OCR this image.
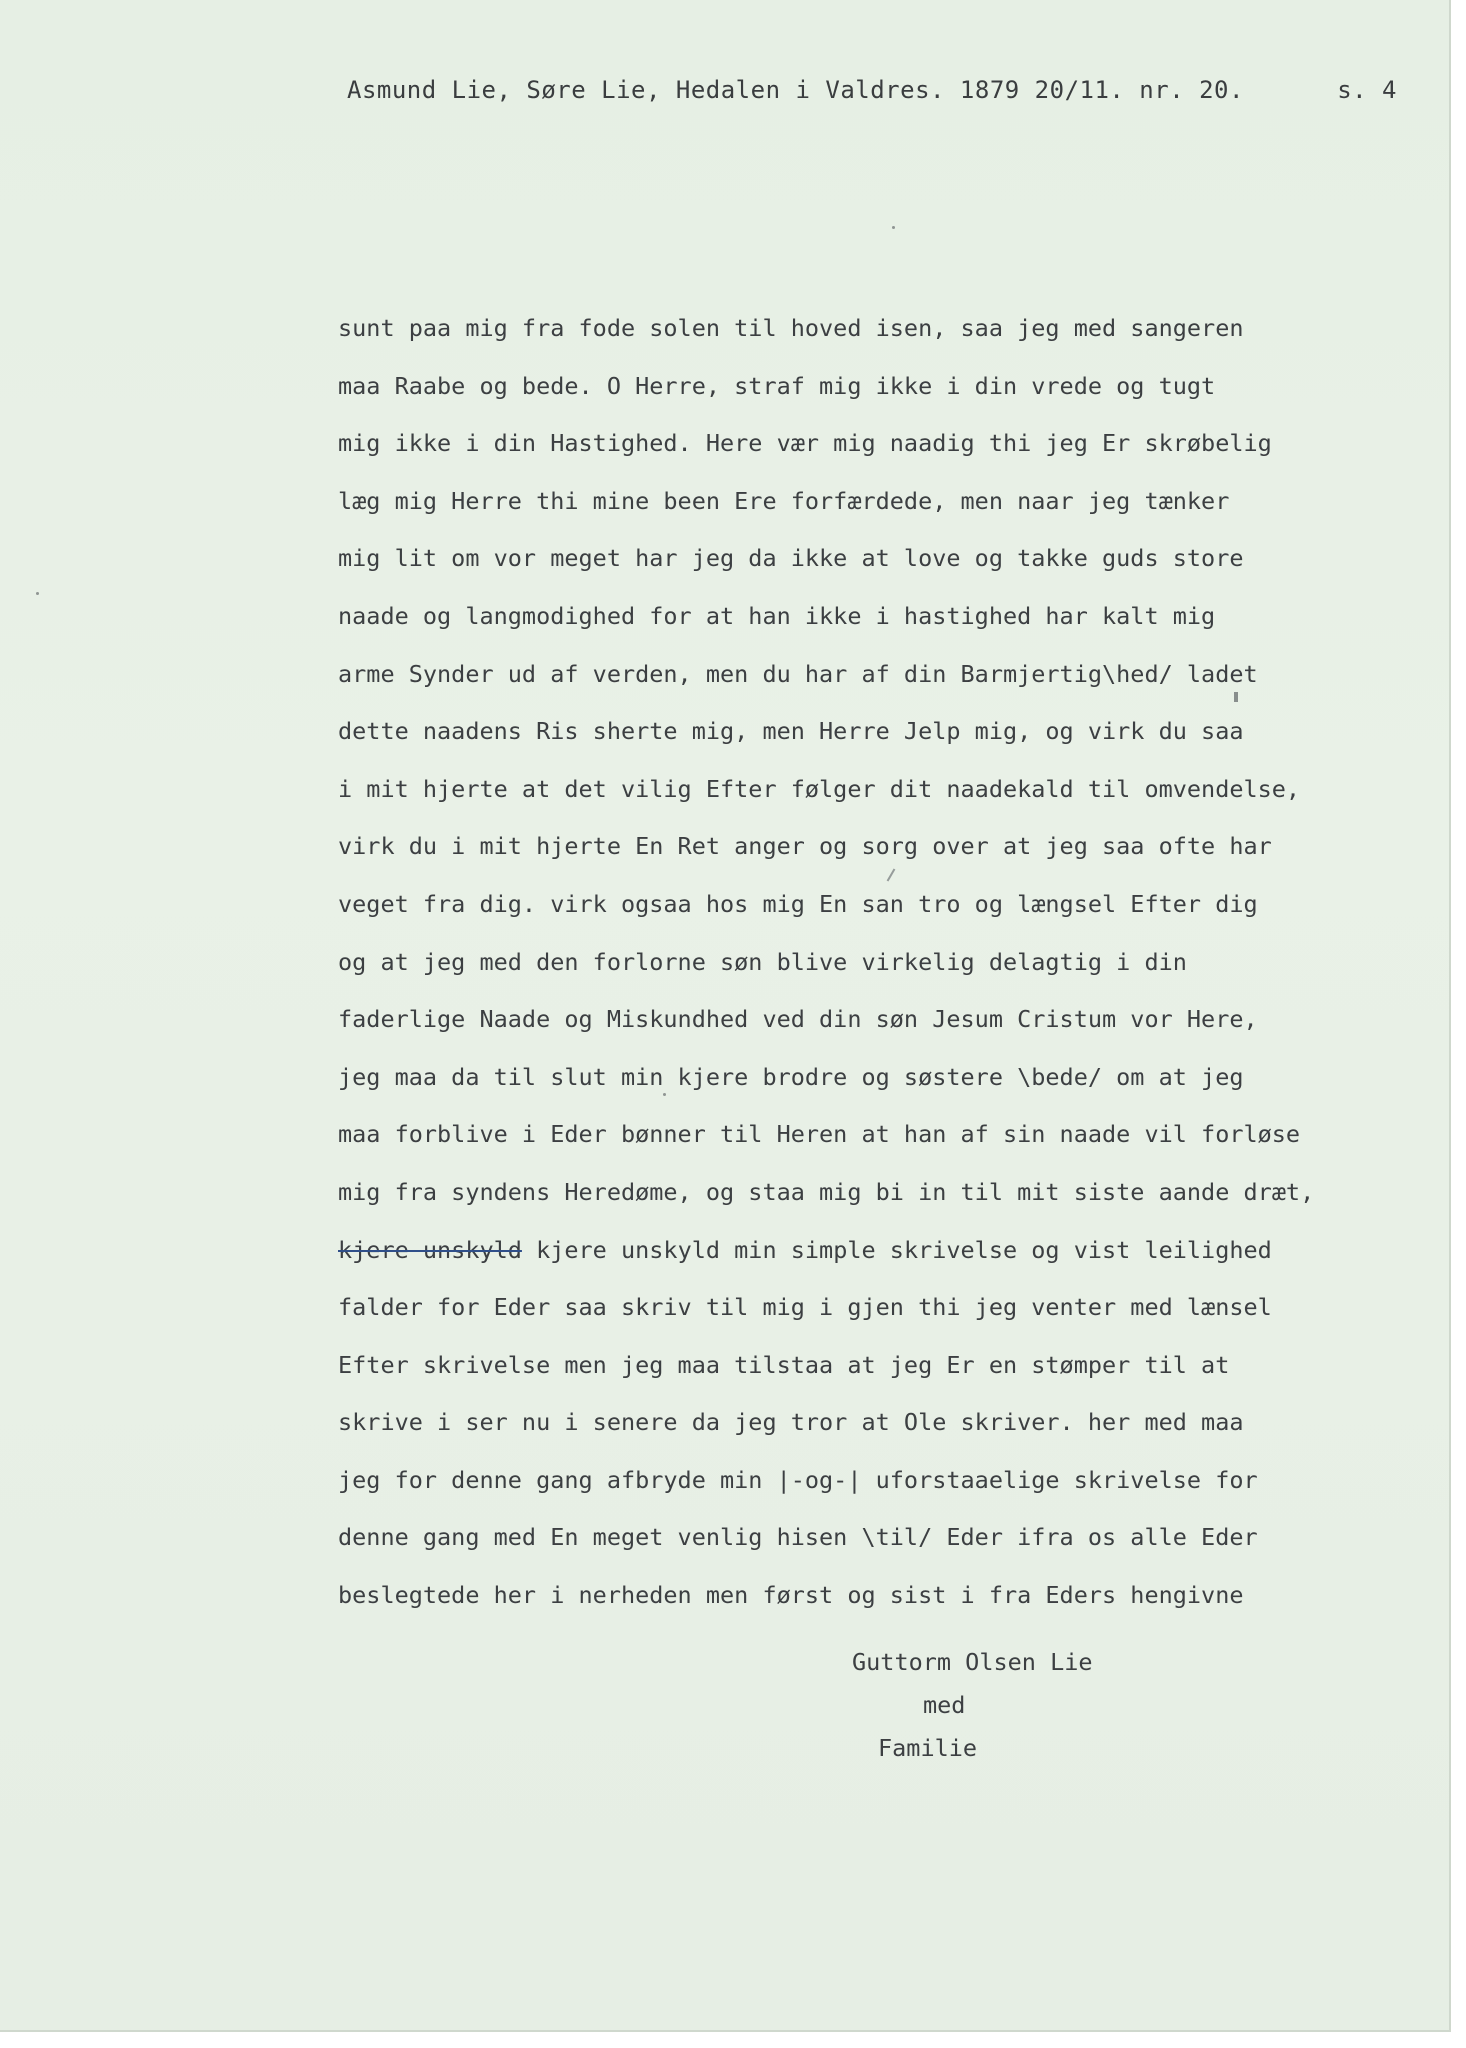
Asmund Lie, Søre Lie, Hedalen i Valdres. 1879 20/11. nr. 20.	s. 4
sunt paa mig fra fode solen til hoved isen, saa jeg med sangeren
maa Raabe og bede. O Herre, straf mig ikke i din vrede og tugt
mig ikke i din Hastighed. Here vær mig naadig thi jeg Er skrøbelig
læg mig Herre thi mine been Ere forfærdede, men naar jeg tænker
mig lit om vor meget har jeg da ikke at love og takke guds store
naade og langmodighed for at han ikke i hastighed har kalt mig
arme Synder ud af verden, men du har af din Barmjertig\hed/ ladet
dette naadens Ris sherte mig, men Herre Jelp mig, og virk du saa
i mit hjerte at det vilig Efter følger dit naadekald til omvendelse,
virk du i mit hjerte En Ret anger og sorg over at jeg saa ofte har
veget fra dig. virk ogsaa hos mig En san tro og længsel Efter dig
og at jeg med den forlorne søn blive virkelig delagtig i din
faderlige Naade og Miskundhed ved din søn Jesum Cristum vor Here,
jeg maa da til slut min kjere brodre og søstere \bede/ om at jeg
maa forblive i Eder bønner til Heren at han af sin naade vil forløse
mig fra syndens Heredøme, og staa mig bi in til mit siste aande dræt,
kjere unskyld kjere unskyld min simple skrivelse og vist leilighed
falder for Eder saa skriv til mig i gjen thi jeg venter med lænsel
Efter skrivelse men jeg maa tilstaa at jeg Er en stømper til at
skrive i ser nu i senere da jeg tror at Ole skriver. her med maa
jeg for denne gang afbryde min |-og-| uforstaaelige skrivelse for
denne gang med En meget venlig hisen \til/ Eder ifra os alle Eder
beslegtede her i nerheden men først og sist i fra Eders hengivne
Guttorm Olsen Lie
med
Familie
